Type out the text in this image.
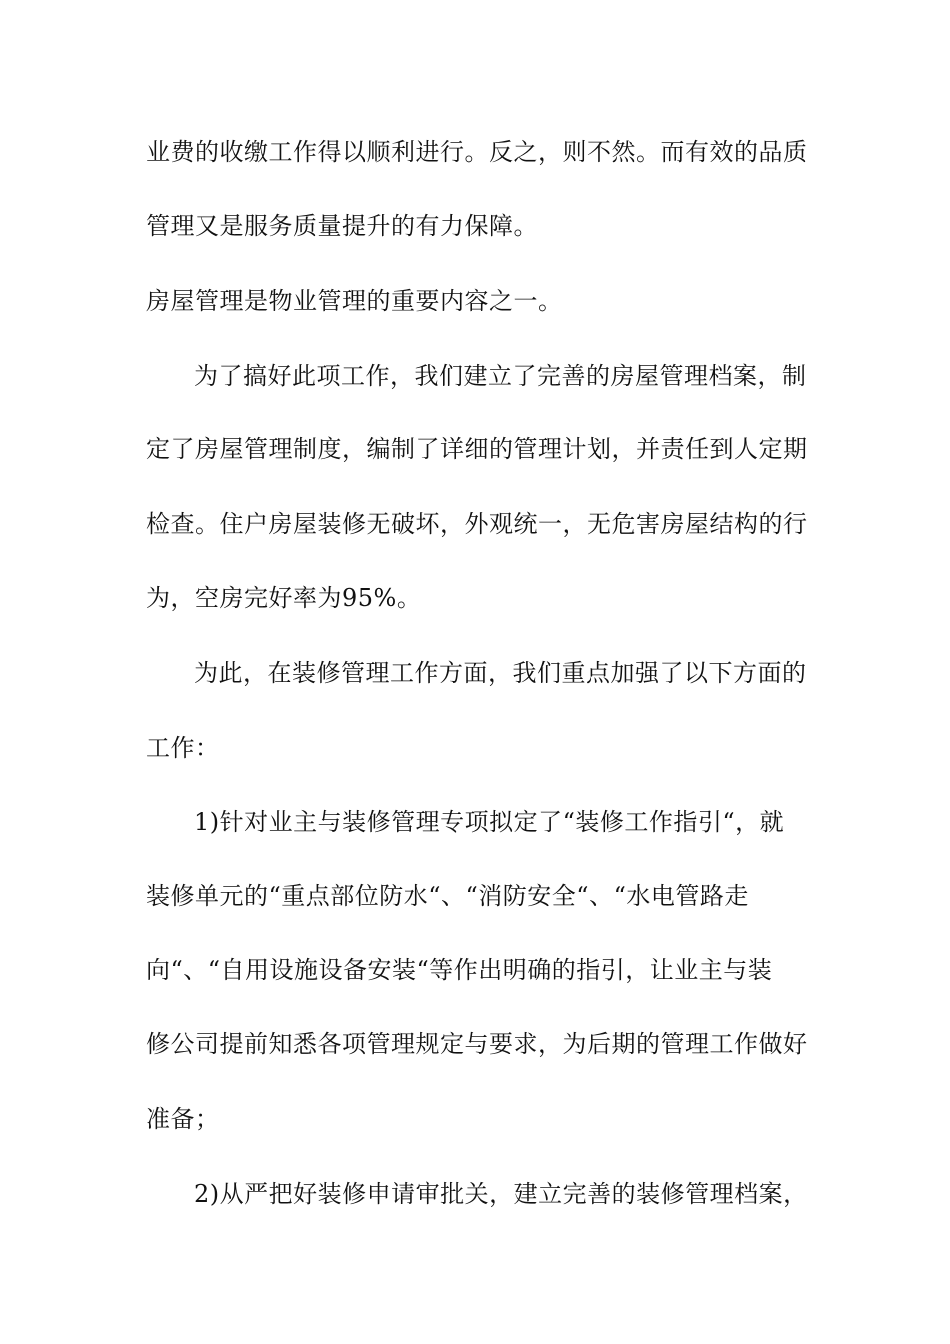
业费的收缴工作得以顺利进行。反之，则不然。而有效的品质
管理又是服务质量提升的有力保障。
房屋管理是物业管理的重要内容之一。
为了搞好此项工作，我们建立了完善的房屋管理档案，制
定了房屋管理制度，编制了详细的管理计划，并责任到人定期
检查。住户房屋装修无破坏，外观统一，无危害房屋结构的行
为，空房完好率为95%。
为此，在装修管理工作方面，我们重点加强了以下方面的
工作：
1)针对业主与装修管理专项拟定了“装修工作指引“，就
装修单元的“重点部位防水“、“消防安全“、“水电管路走
向“、“自用设施设备安装“等作出明确的指引，让业主与装
修公司提前知悉各项管理规定与要求，为后期的管理工作做好
准备；
2)从严把好装修申请审批关，建立完善的装修管理档案，
